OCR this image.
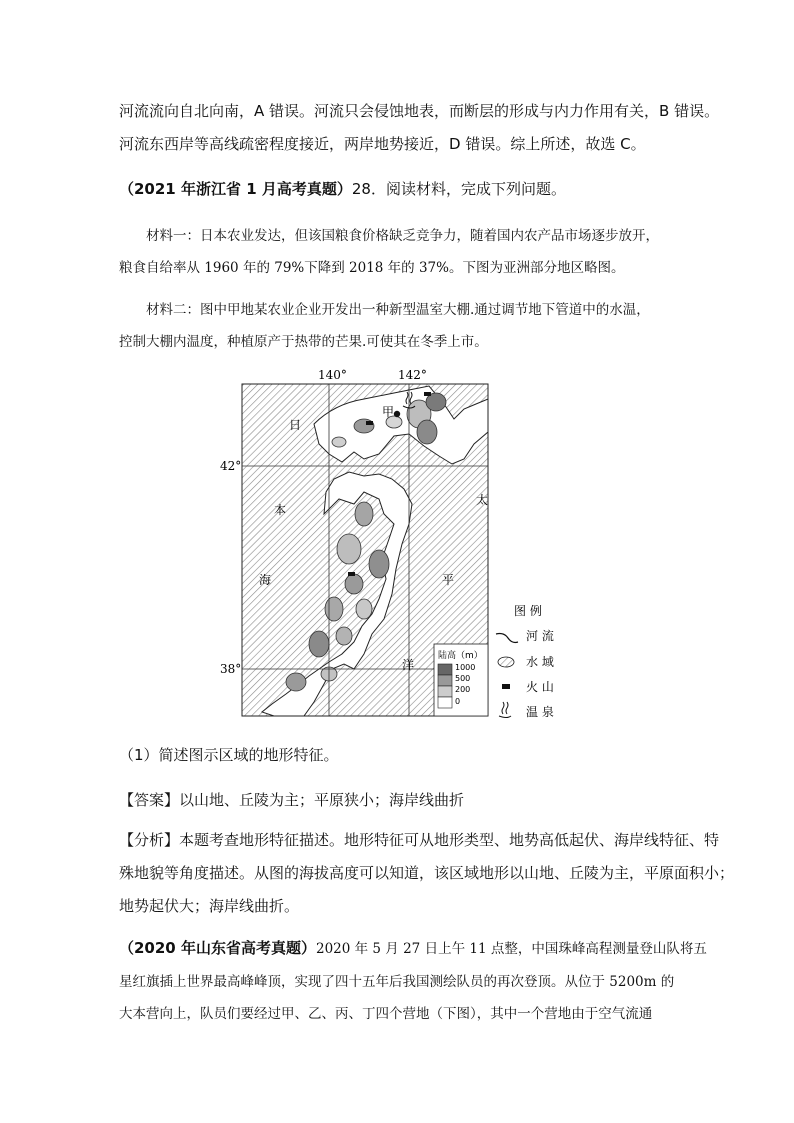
河流流向自北向南，A 错误。河流只会侵蚀地表，而断层的形成与内力作用有关，B 错误。
河流东西岸等高线疏密程度接近，两岸地势接近，D 错误。综上所述，故选 C。
（2021 年浙江省 1 月高考真题）28．阅读材料，完成下列问题。
材料一：日本农业发达，但该国粮食价格缺乏竞争力，随着国内农产品市场逐步放开，
粮食自给率从 1960 年的 79%下降到 2018 年的 37%。下图为亚洲部分地区略图。
材料二：图中甲地某农业企业开发出一种新型温室大棚.通过调节地下管道中的水温，
控制大棚内温度，种植原产于热带的芒果.可使其在冬季上市。
140°	142°
42°
38°
甲
日
本
海
太
平
洋
陆高（m）
1000
500
200
0
图 例
河 流
水 域
火 山
温 泉
（1）简述图示区域的地形特征。
【答案】以山地、丘陵为主；平原狭小；海岸线曲折
【分析】本题考查地形特征描述。地形特征可从地形类型、地势高低起伏、海岸线特征、特
殊地貌等角度描述。从图的海拔高度可以知道，该区域地形以山地、丘陵为主，平原面积小；
地势起伏大；海岸线曲折。
（2020 年山东省高考真题）2020 年 5 月 27 日上午 11 点整，中国珠峰高程测量登山队将五
星红旗插上世界最高峰峰顶，实现了四十五年后我国测绘队员的再次登顶。从位于 5200m 的
大本营向上，队员们要经过甲、乙、丙、丁四个营地（下图），其中一个营地由于空气流通
